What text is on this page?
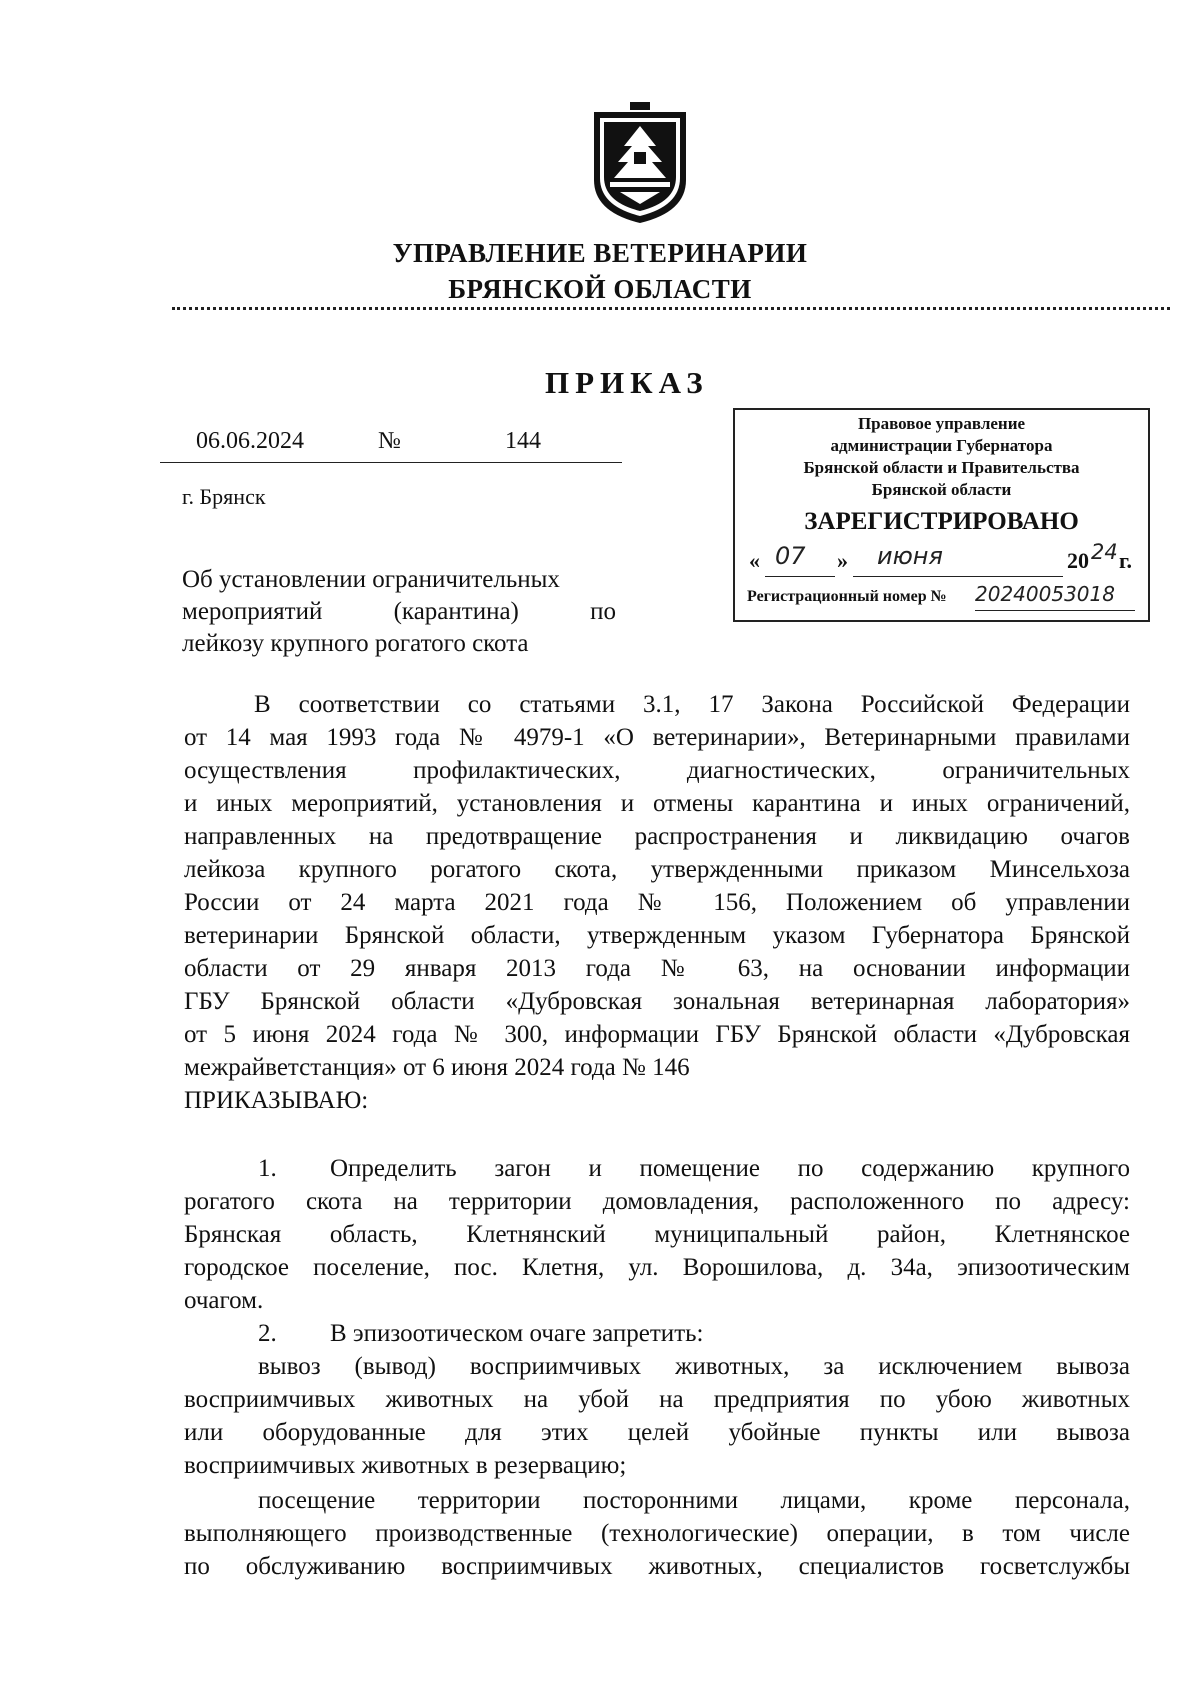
УПРАВЛЕНИЕ ВЕТЕРИНАРИИ
БРЯНСКОЙ ОБЛАСТИ
ПРИКАЗ
06.06.2024	№	144
г. Брянск
Правовое управление
администрации Губернатора
Брянской области и Правительства
Брянской области
ЗАРЕГИСТРИРОВАНО
« 07 » июня	20 24 г.
Регистрационный номер № 20240053018
Об установлении ограничительных
мероприятий (карантина) по
лейкозу крупного рогатого скота
В соответствии со статьями 3.1, 17 Закона Российской Федерации
от 14 мая 1993 года № 4979-1 «О ветеринарии», Ветеринарными правилами
осуществления профилактических, диагностических, ограничительных
и иных мероприятий, установления и отмены карантина и иных ограничений,
направленных на предотвращение распространения и ликвидацию очагов
лейкоза крупного рогатого скота, утвержденными приказом Минсельхоза
России от 24 марта 2021 года № 156, Положением об управлении
ветеринарии Брянской области, утвержденным указом Губернатора Брянской
области от 29 января 2013 года № 63, на основании информации
ГБУ Брянской области «Дубровская зональная ветеринарная лаборатория»
от 5 июня 2024 года № 300, информации ГБУ Брянской области «Дубровская
межрайветстанция» от 6 июня 2024 года № 146
ПРИКАЗЫВАЮ:
1. Определить загон и помещение по содержанию крупного
рогатого скота на территории домовладения, расположенного по адресу:
Брянская область, Клетнянский муниципальный район, Клетнянское
городское поселение, пос. Клетня, ул. Ворошилова, д. 34а, эпизоотическим
очагом.
2. В эпизоотическом очаге запретить:
вывоз (вывод) восприимчивых животных, за исключением вывоза
восприимчивых животных на убой на предприятия по убою животных
или оборудованные для этих целей убойные пункты или вывоза
восприимчивых животных в резервацию;
посещение территории посторонними лицами, кроме персонала,
выполняющего производственные (технологические) операции, в том числе
по обслуживанию восприимчивых животных, специалистов госветслужбы
